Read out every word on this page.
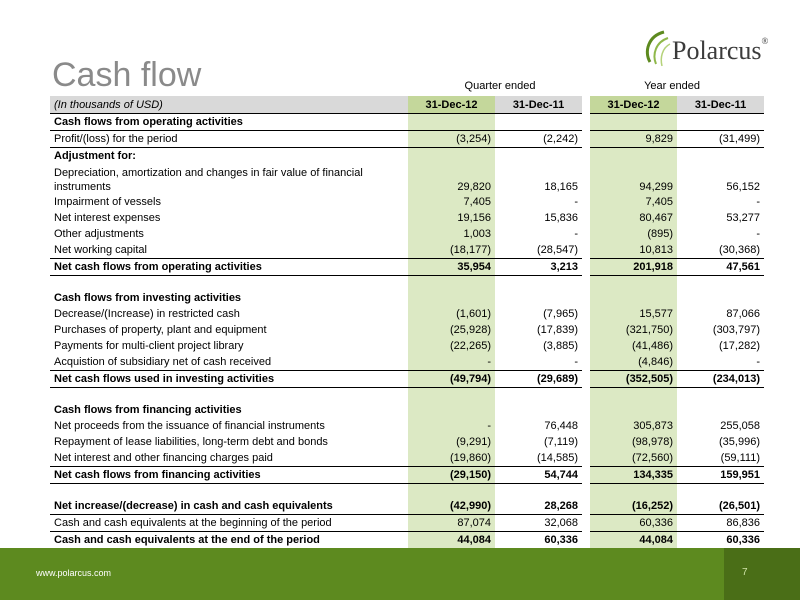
Cash flow
Polarcus®
Quarter ended	Year ended
(In thousands of USD)	31-Dec-12	31-Dec-11		31-Dec-12	31-Dec-11
Cash flows from operating activities					
Profit/(loss) for the period	(3,254)	(2,242)		9,829	(31,499)
Adjustment for:					
Depreciation, amortization and changes in fair value of financial instruments	29,820	18,165		94,299	56,152
Impairment of vessels	7,405	-		7,405	-
Net interest expenses	19,156	15,836		80,467	53,277
Other adjustments	1,003	-		(895)	-
Net working capital	(18,177)	(28,547)		10,813	(30,368)
Net cash flows from operating activities	35,954	3,213		201,918	47,561

Cash flows from investing activities					
Decrease/(Increase) in restricted cash	(1,601)	(7,965)		15,577	87,066
Purchases of property, plant and equipment	(25,928)	(17,839)		(321,750)	(303,797)
Payments for multi-client project library	(22,265)	(3,885)		(41,486)	(17,282)
Acquistion of subsidiary net of cash received	-	-		(4,846)	-
Net cash flows used in investing activities	(49,794)	(29,689)		(352,505)	(234,013)

Cash flows from financing activities					
Net proceeds from the issuance of financial instruments	-	76,448		305,873	255,058
Repayment of lease liabilities, long-term debt and bonds	(9,291)	(7,119)		(98,978)	(35,996)
Net interest and other financing charges paid	(19,860)	(14,585)		(72,560)	(59,111)
Net cash flows from financing activities	(29,150)	54,744		134,335	159,951

Net increase/(decrease) in cash and cash equivalents	(42,990)	28,268		(16,252)	(26,501)
Cash and cash equivalents at the beginning of the period	87,074	32,068		60,336	86,836
Cash and cash equivalents at the end of the period	44,084	60,336		44,084	60,336
www.polarcus.com	7
